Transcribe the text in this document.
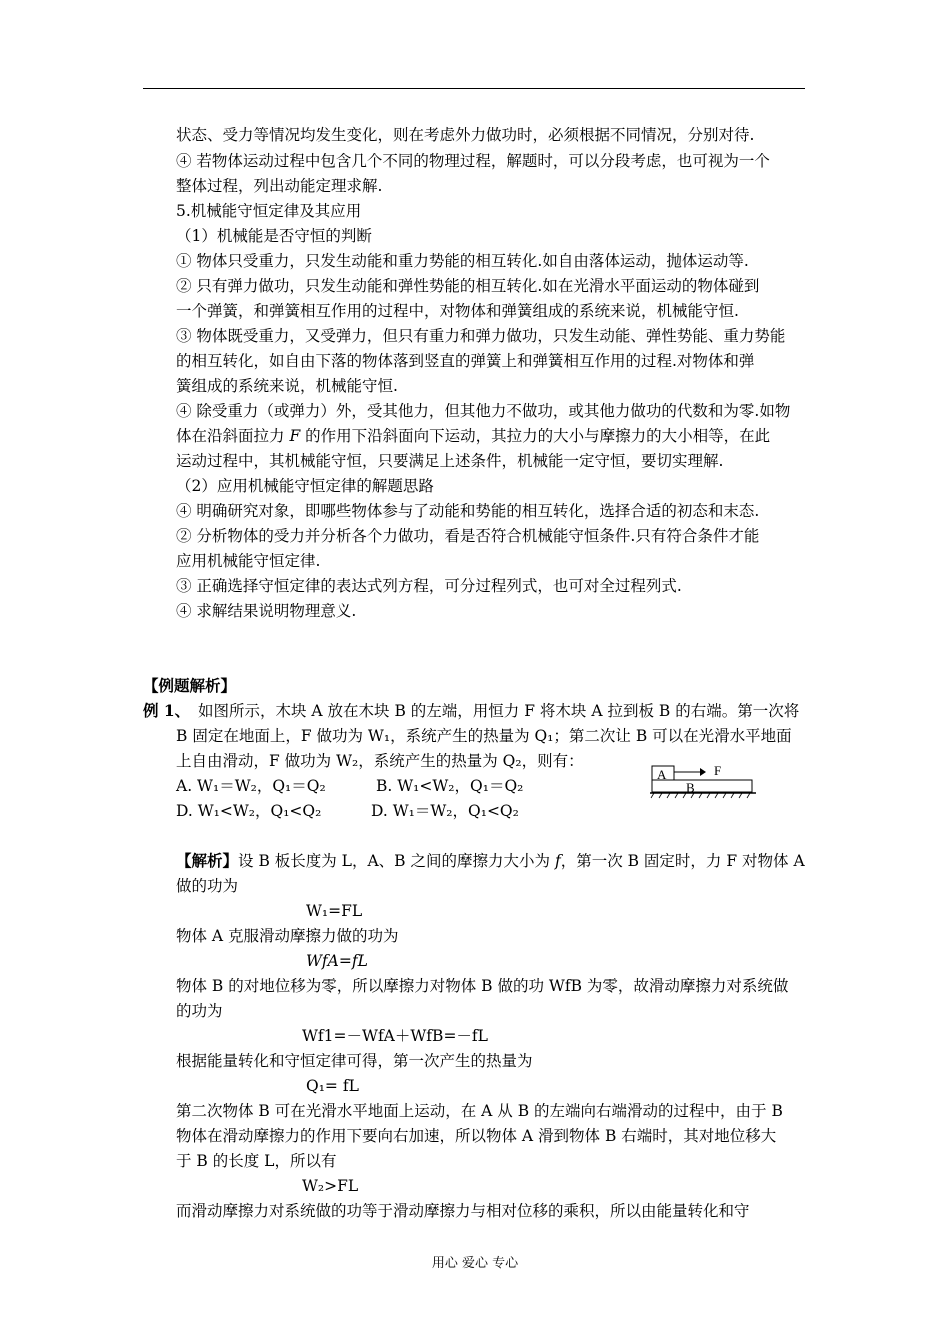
状态、受力等情况均发生变化，则在考虑外力做功时，必须根据不同情况，分别对待.
④ 若物体运动过程中包含几个不同的物理过程，解题时，可以分段考虑，也可视为一个
整体过程，列出动能定理求解.
5.机械能守恒定律及其应用
（1）机械能是否守恒的判断
① 物体只受重力，只发生动能和重力势能的相互转化.如自由落体运动，抛体运动等.
② 只有弹力做功，只发生动能和弹性势能的相互转化.如在光滑水平面运动的物体碰到
一个弹簧，和弹簧相互作用的过程中，对物体和弹簧组成的系统来说，机械能守恒.
③ 物体既受重力，又受弹力，但只有重力和弹力做功，只发生动能、弹性势能、重力势能
的相互转化，如自由下落的物体落到竖直的弹簧上和弹簧相互作用的过程.对物体和弹
簧组成的系统来说，机械能守恒.
④ 除受重力（或弹力）外，受其他力，但其他力不做功，或其他力做功的代数和为零.如物
体在沿斜面拉力 F 的作用下沿斜面向下运动，其拉力的大小与摩擦力的大小相等，在此
运动过程中，其机械能守恒，只要满足上述条件，机械能一定守恒，要切实理解.
（2）应用机械能守恒定律的解题思路
④ 明确研究对象，即哪些物体参与了动能和势能的相互转化，选择合适的初态和末态.
② 分析物体的受力并分析各个力做功，看是否符合机械能守恒条件.只有符合条件才能
应用机械能守恒定律.
③ 正确选择守恒定律的表达式列方程，可分过程列式，也可对全过程列式.
④ 求解结果说明物理意义.
【例题解析】
例 1、 如图所示，木块 A 放在木块 B 的左端，用恒力 F 将木块 A 拉到板 B 的右端。第一次将
B 固定在地面上，F 做功为 W₁，系统产生的热量为 Q₁；第二次让 B 可以在光滑水平地面
上自由滑动，F 做功为 W₂，系统产生的热量为 Q₂，则有：
A. W₁＝W₂，Q₁＝Q₂	B. W₁<W₂，Q₁＝Q₂
D. W₁<W₂，Q₁<Q₂	D. W₁＝W₂，Q₁<Q₂
A	F
B
【解析】设 B 板长度为 L，A、B 之间的摩擦力大小为 f，第一次 B 固定时，力 F 对物体 A
做的功为
W₁=FL
物体 A 克服滑动摩擦力做的功为
WfA=fL
物体 B 的对地位移为零，所以摩擦力对物体 B 做的功 WfB 为零，故滑动摩擦力对系统做
的功为
Wf1=－WfA＋WfB=－fL
根据能量转化和守恒定律可得，第一次产生的热量为
Q₁= fL
第二次物体 B 可在光滑水平地面上运动，在 A 从 B 的左端向右端滑动的过程中，由于 B
物体在滑动摩擦力的作用下要向右加速，所以物体 A 滑到物体 B 右端时，其对地位移大
于 B 的长度 L，所以有
W₂>FL
而滑动摩擦力对系统做的功等于滑动摩擦力与相对位移的乘积，所以由能量转化和守
用心 爱心 专心
